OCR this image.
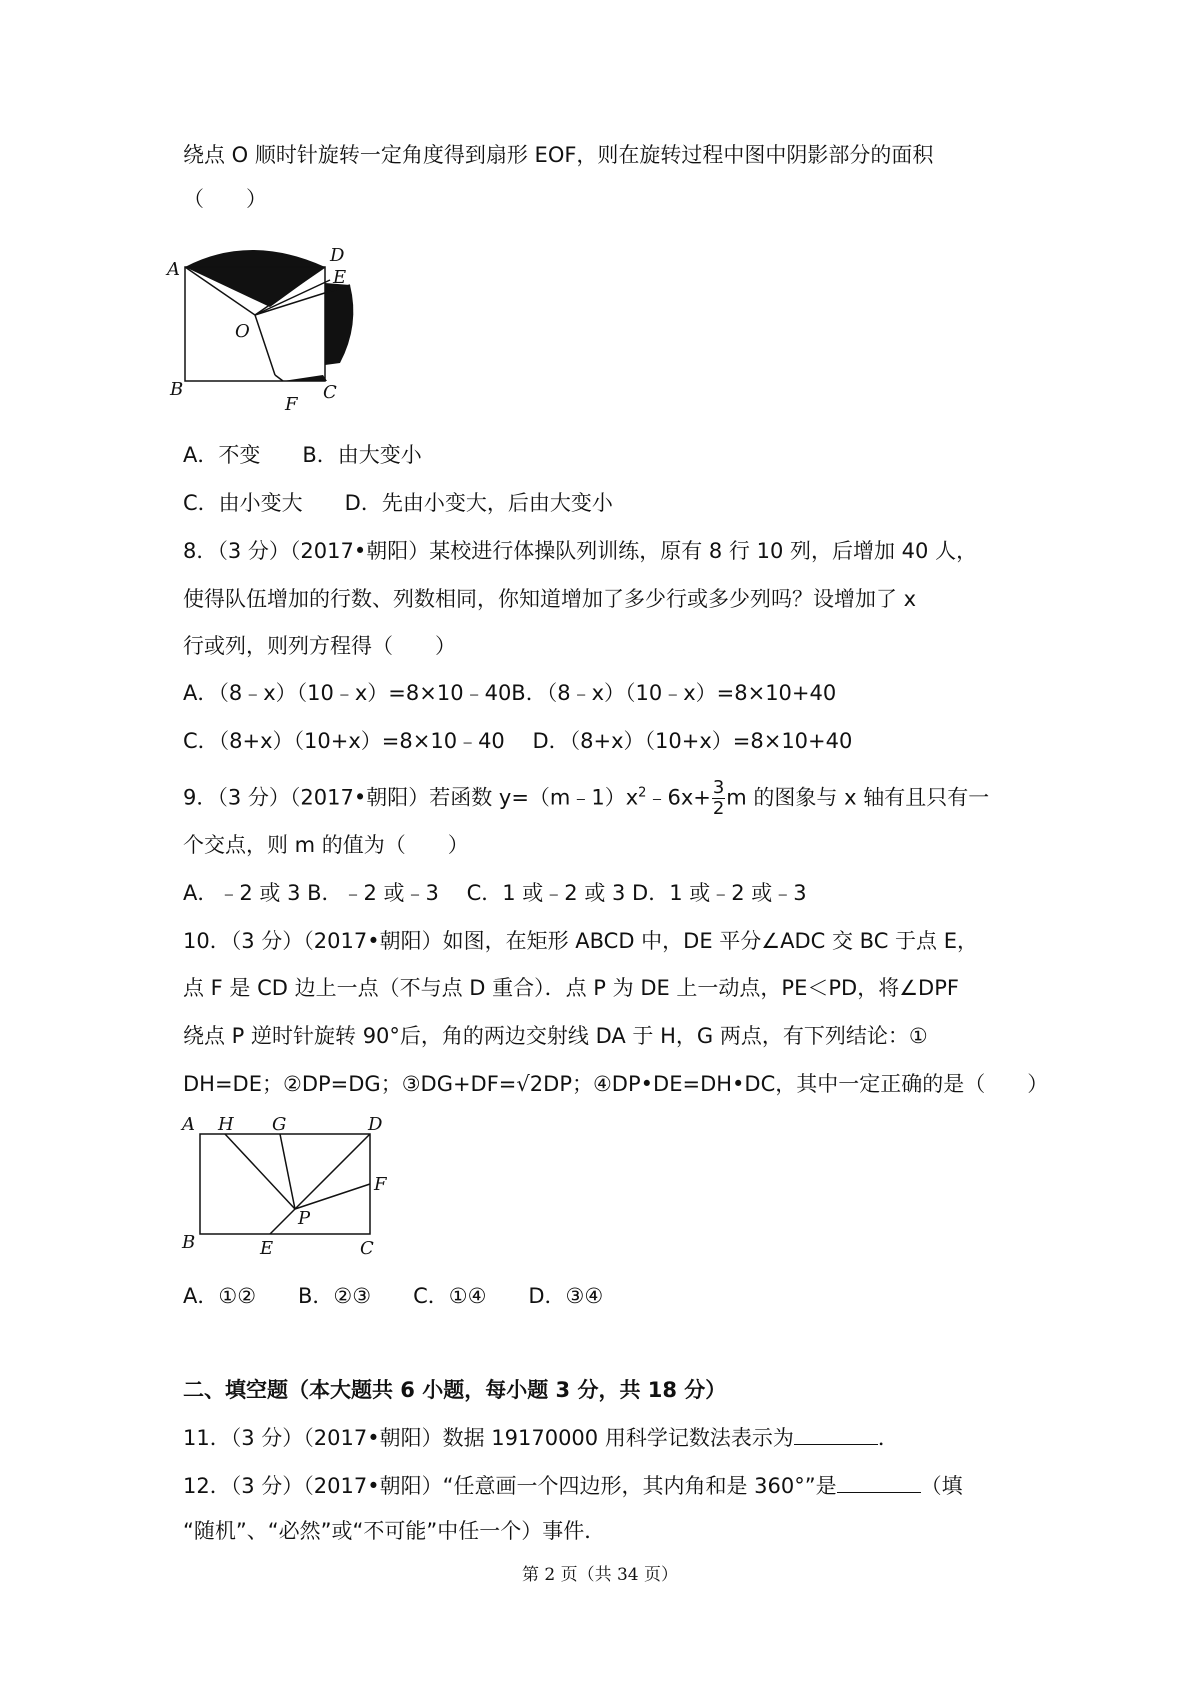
绕点 O 顺时针旋转一定角度得到扇形 EOF，则在旋转过程中图中阴影部分的面积
（　　）
A
D
E
O
B
F
C
A．不变　　B．由大变小
C．由小变大　　D．先由小变大，后由大变小
8．（3 分）（2017•朝阳）某校进行体操队列训练，原有 8 行 10 列，后增加 40 人，
使得队伍增加的行数、列数相同，你知道增加了多少行或多少列吗？设增加了 x
行或列，则列方程得（　　）
A．（8﹣x）（10﹣x）=8×10﹣40B．（8﹣x）（10﹣x）=8×10+40
C．（8+x）（10+x）=8×10﹣40　 D．（8+x）（10+x）=8×10+40
9．（3 分）（2017•朝阳）若函数 $y=(m﹣1)x^2﹣6x+ \frac{3}{2}$ m 的图象与 x 轴有且只有一
个交点，则 m 的值为（　　）
A．﹣2 或 3 B．﹣2 或﹣3　 C．1 或﹣2 或 3 D．1 或﹣2 或﹣3
10．（3 分）（2017•朝阳）如图，在矩形 ABCD 中，DE 平分∠ADC 交 BC 于点 E，
点 F 是 CD 边上一点（不与点 D 重合）．点 P 为 DE 上一动点，PE＜PD，将∠DPF
绕点 P 逆时针旋转 90°后，角的两边交射线 DA 于 H，G 两点，有下列结论：①
DH=DE；②DP=DG；③DG+DF=√2DP；④DP•DE=DH•DC，其中一定正确的是（　　）
A H G	D
F
P
B	E	C
A．①②　　B．②③　　C．①④　　D．③④
二、填空题（本大题共 6 小题，每小题 3 分，共 18 分）
11．（3 分）（2017•朝阳）数据 19170000 用科学记数法表示为	．
12．（3 分）（2017•朝阳）“任意画一个四边形，其内角和是 360°”是	（填
“随机”、“必然”或“不可能”中任一个）事件．
第 2 页（共 34 页）
